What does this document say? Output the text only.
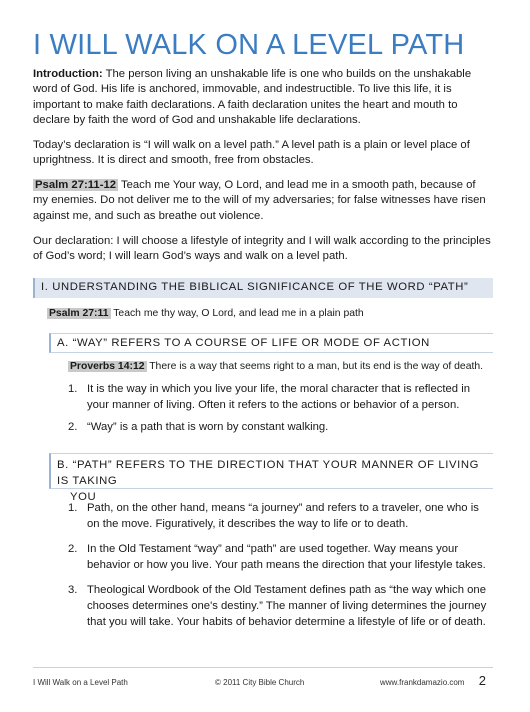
I WILL WALK ON A LEVEL PATH

Introduction: The person living an unshakable life is one who builds on the unshakable word of God. His life is anchored, immovable, and indestructible. To live this life, it is important to make faith declarations. A faith declaration unites the heart and mouth to declare by faith the word of God and unshakable life declarations.

Today’s declaration is “I will walk on a level path.” A level path is a plain or level place of uprightness. It is direct and smooth, free from obstacles.

Psalm 27:11-12 Teach me Your way, O Lord, and lead me in a smooth path, because of my enemies. Do not deliver me to the will of my adversaries; for false witnesses have risen against me, and such as breathe out violence.

Our declaration: I will choose a lifestyle of integrity and I will walk according to the principles of God’s word; I will learn God’s ways and walk on a level path.

I. UNDERSTANDING THE BIBLICAL SIGNIFICANCE OF THE WORD “PATH”

Psalm 27:11 Teach me thy way, O Lord, and lead me in a plain path

A. “WAY” REFERS TO A COURSE OF LIFE OR MODE OF ACTION

Proverbs 14:12 There is a way that seems right to a man, but its end is the way of death.

1. It is the way in which you live your life, the moral character that is reflected in your manner of living. Often it refers to the actions or behavior of a person.
2. “Way” is a path that is worn by constant walking.
B. “PATH” REFERS TO THE DIRECTION THAT YOUR MANNER OF LIVING IS TAKING
YOU
1. Path, on the other hand, means “a journey” and refers to a traveler, one who is on the move. Figuratively, it describes the way to life or to death.
2. In the Old Testament “way” and “path” are used together. Way means your behavior or how you live. Your path means the direction that your lifestyle takes.
3. Theological Wordbook of the Old Testament defines path as “the way which one chooses determines one's destiny.” The manner of living determines the journey that you will take. Your habits of behavior determine a lifestyle of life or of death.
I Will Walk on a Level Path	© 2011 City Bible Church	www.frankdamazio.com 2
